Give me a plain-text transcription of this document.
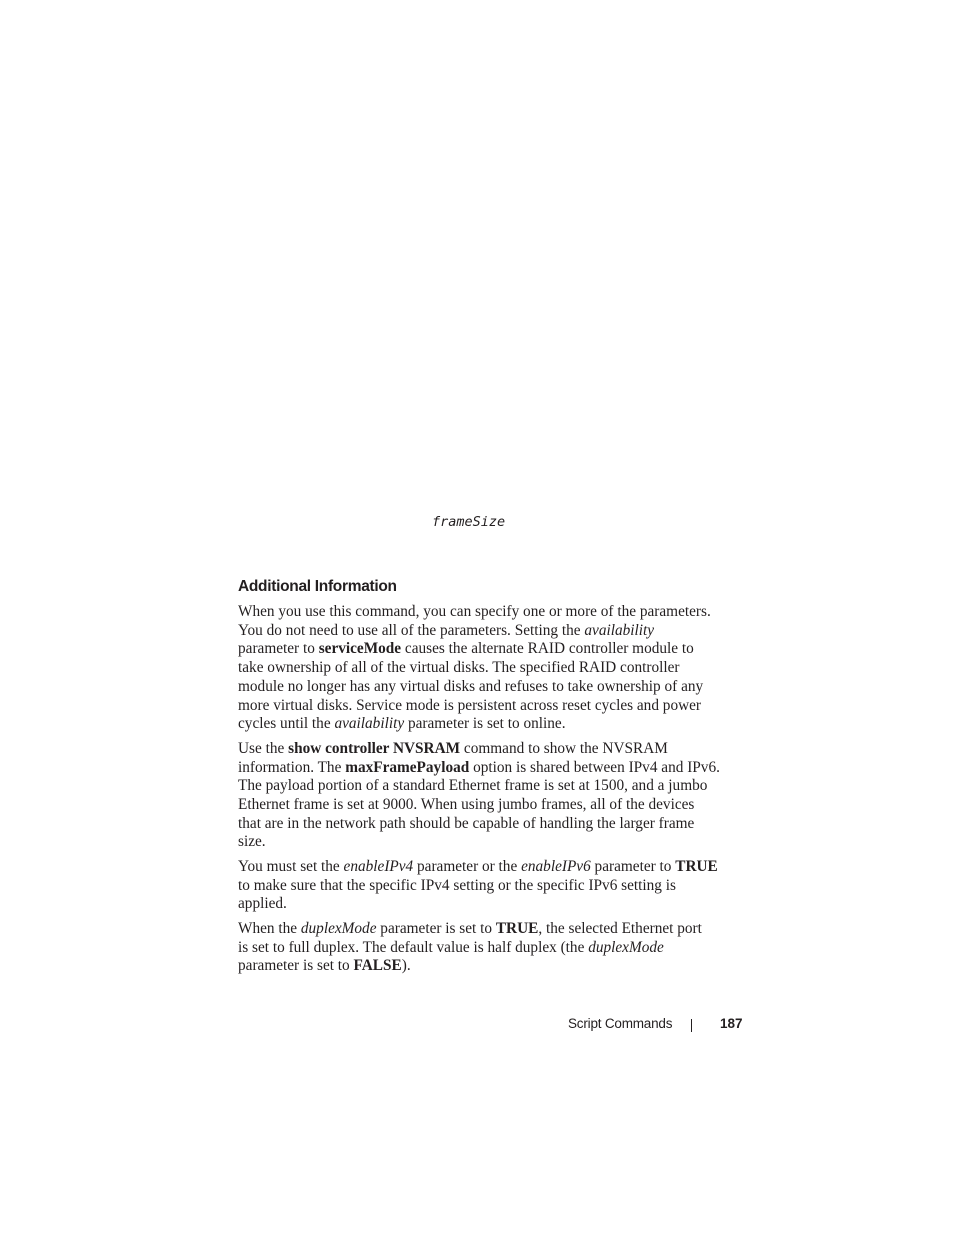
frameSize
Additional Information

When you use this command, you can specify one or more of the parameters.
You do not need to use all of the parameters. Setting the availability
parameter to serviceMode causes the alternate RAID controller module to
take ownership of all of the virtual disks. The specified RAID controller
module no longer has any virtual disks and refuses to take ownership of any
more virtual disks. Service mode is persistent across reset cycles and power
cycles until the availability parameter is set to online.

Use the show controller NVSRAM command to show the NVSRAM
information. The maxFramePayload option is shared between IPv4 and IPv6.
The payload portion of a standard Ethernet frame is set at 1500, and a jumbo
Ethernet frame is set at 9000. When using jumbo frames, all of the devices
that are in the network path should be capable of handling the larger frame
size.

You must set the enableIPv4 parameter or the enableIPv6 parameter to TRUE
to make sure that the specific IPv4 setting or the specific IPv6 setting is
applied.

When the duplexMode parameter is set to TRUE, the selected Ethernet port
is set to full duplex. The default value is half duplex (the duplexMode
parameter is set to FALSE).

Script Commands	187
